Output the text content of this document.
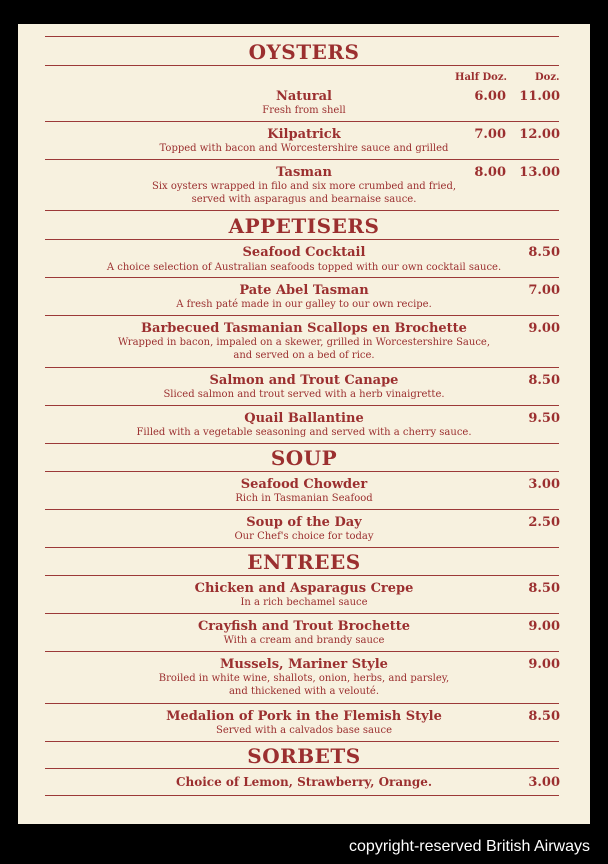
OYSTERS
Half Doz.	Doz.
Natural
Fresh from shell
6.00	11.00
Kilpatrick
Topped with bacon and Worcestershire sauce and grilled
7.00	12.00
Tasman
Six oysters wrapped in filo and six more crumbed and fried,
served with asparagus and bearnaise sauce.
8.00	13.00
APPETISERS
Seafood Cocktail
A choice selection of Australian seafoods topped with our own cocktail sauce.
8.50
Pate Abel Tasman
A fresh paté made in our galley to our own recipe.
7.00
Barbecued Tasmanian Scallops en Brochette
Wrapped in bacon, impaled on a skewer, grilled in Worcestershire Sauce,
and served on a bed of rice.
9.00
Salmon and Trout Canape
Sliced salmon and trout served with a herb vinaigrette.
8.50
Quail Ballantine
Filled with a vegetable seasoning and served with a cherry sauce.
9.50
SOUP
Seafood Chowder
Rich in Tasmanian Seafood
3.00
Soup of the Day
Our Chef's choice for today
2.50
ENTREES
Chicken and Asparagus Crepe
In a rich bechamel sauce
8.50
Crayfish and Trout Brochette
With a cream and brandy sauce
9.00
Mussels, Mariner Style
Broiled in white wine, shallots, onion, herbs, and parsley,
and thickened with a velouté.
9.00
Medalion of Pork in the Flemish Style
Served with a calvados base sauce
8.50
SORBETS
Choice of Lemon, Strawberry, Orange.	3.00
copyright-reserved British Airways
